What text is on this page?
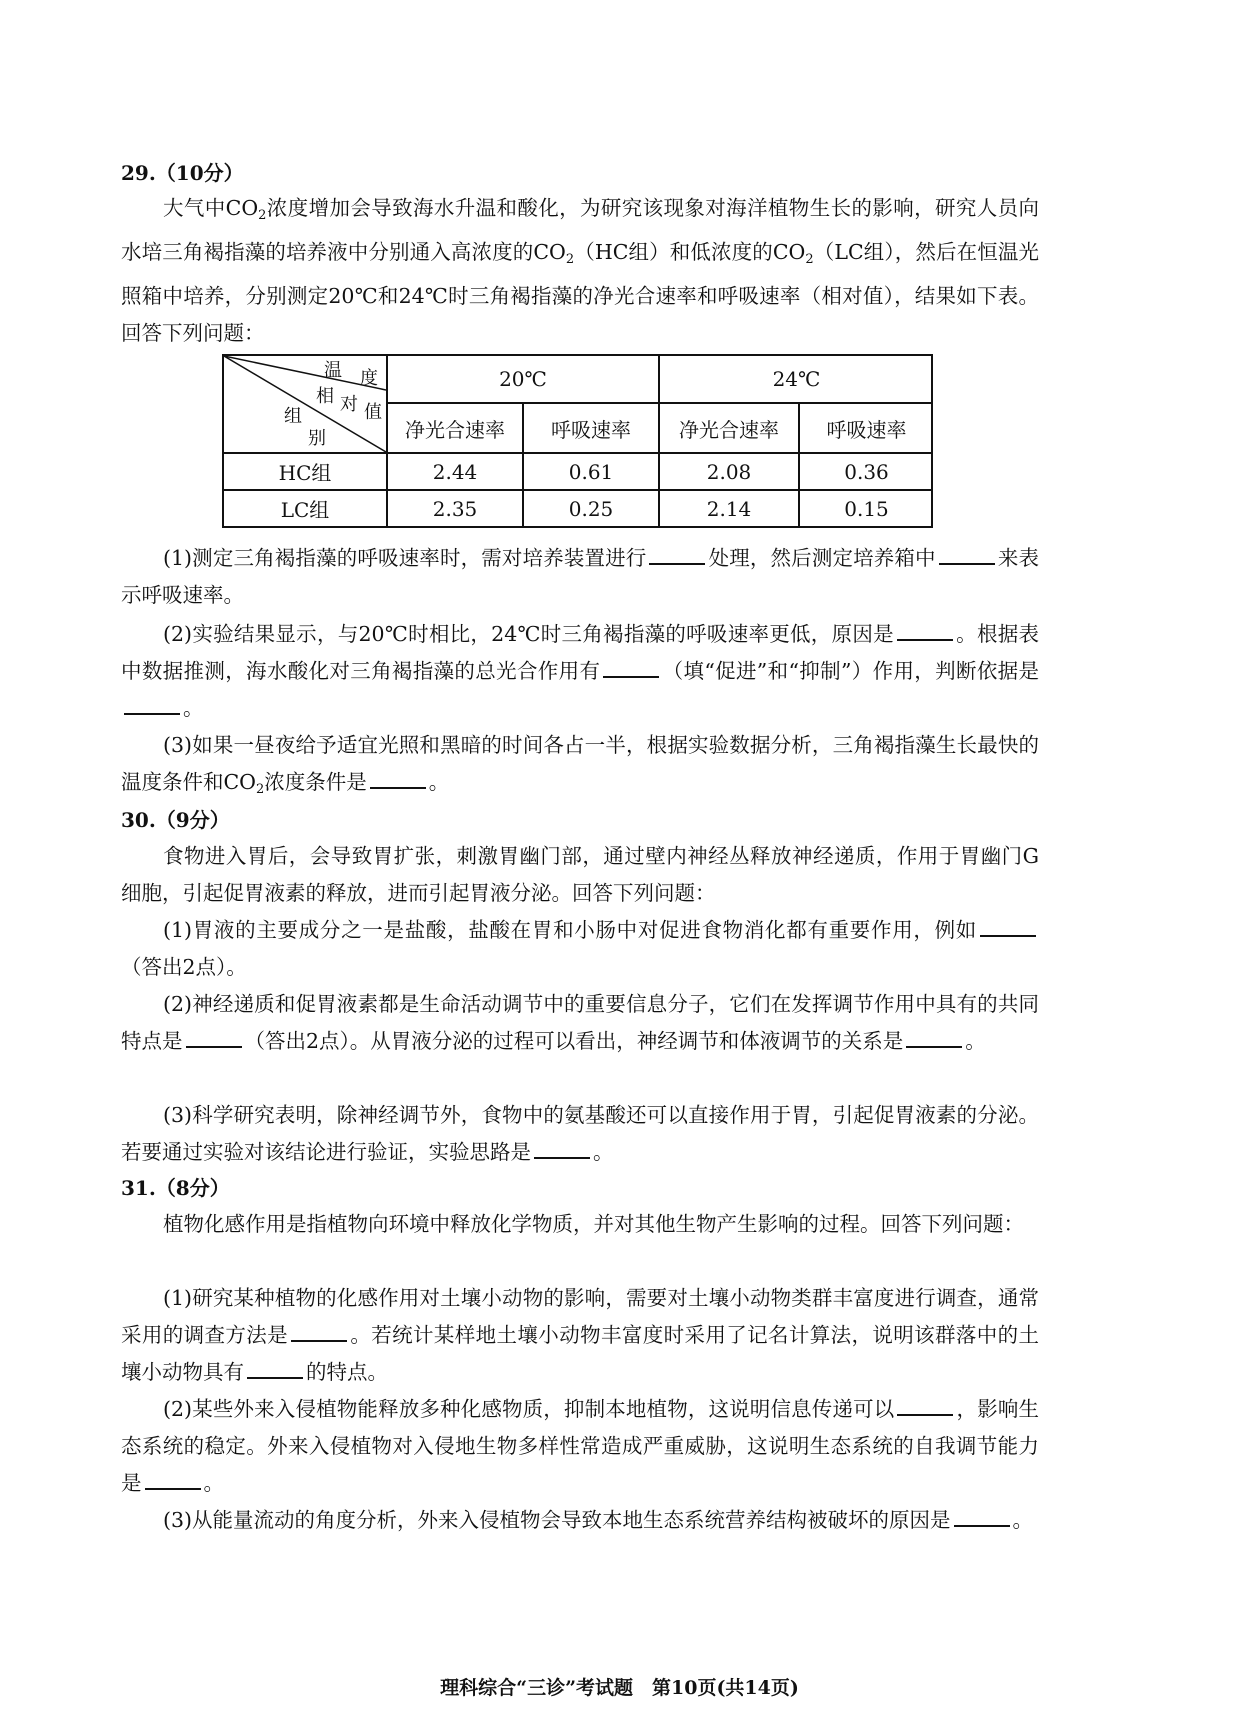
29.（10分）
大气中$CO_2$浓度增加会导致海水升温和酸化，为研究该现象对海洋植物生长的影响，研究人员向水培三角褐指藻的培养液中分别通入高浓度的$CO_2(HC$组）和低浓度的$CO_2(LC$组），然后在恒温光照箱中培养，分别测定20℃和24℃时三角褐指藻的净光合速率和呼吸速率（相对值），结果如下表。回答下列问题：
温 度
相 对 值
组
别
20℃	24℃
净光合速率	呼吸速率	净光合速率	呼吸速率
HC组	2.44	0.61	2.08	0.36
LC组	2.35	0.25	2.14	0.15
(1)测定三角褐指藻的呼吸速率时，需对培养装置进行	处理，然后测定培养箱中	来表示呼吸速率。
(2)实验结果显示，与20℃时相比，24℃时三角褐指藻的呼吸速率更低，原因是	。根据表中数据推测，海水酸化对三角褐指藻的总光合作用有	（填“促进”和“抑制”）作用，判断依据是。
(3)如果一昼夜给予适宜光照和黑暗的时间各占一半，根据实验数据分析，三角褐指藻生长最快的温度条件和$CO_2$浓度条件是	。
30.（9分）
食物进入胃后，会导致胃扩张，刺激胃幽门部，通过壁内神经丛释放神经递质，作用于胃幽门G细胞，引起促胃液素的释放，进而引起胃液分泌。回答下列问题：
(1)胃液的主要成分之一是盐酸，盐酸在胃和小肠中对促进食物消化都有重要作用，例如（答出2点）。
(2)神经递质和促胃液素都是生命活动调节中的重要信息分子，它们在发挥调节作用中具有的共同特点是	（答出2点）。从胃液分泌的过程可以看出，神经调节和体液调节的关系是	。
(3)科学研究表明，除神经调节外，食物中的氨基酸还可以直接作用于胃，引起促胃液素的分泌。若要通过实验对该结论进行验证，实验思路是	。
31.（8分）
植物化感作用是指植物向环境中释放化学物质，并对其他生物产生影响的过程。回答下列问题：
(1)研究某种植物的化感作用对土壤小动物的影响，需要对土壤小动物类群丰富度进行调查，通常采用的调查方法是	。若统计某样地土壤小动物丰富度时采用了记名计算法，说明该群落中的土壤小动物具有	的特点。
(2)某些外来入侵植物能释放多种化感物质，抑制本地植物，这说明信息传递可以	，影响生态系统的稳定。外来入侵植物对入侵地生物多样性常造成严重威胁，这说明生态系统的自我调节能力是	。
(3)从能量流动的角度分析，外来入侵植物会导致本地生态系统营养结构被破坏的原因是	。
理科综合“三诊”考试题　第10页(共14页)
